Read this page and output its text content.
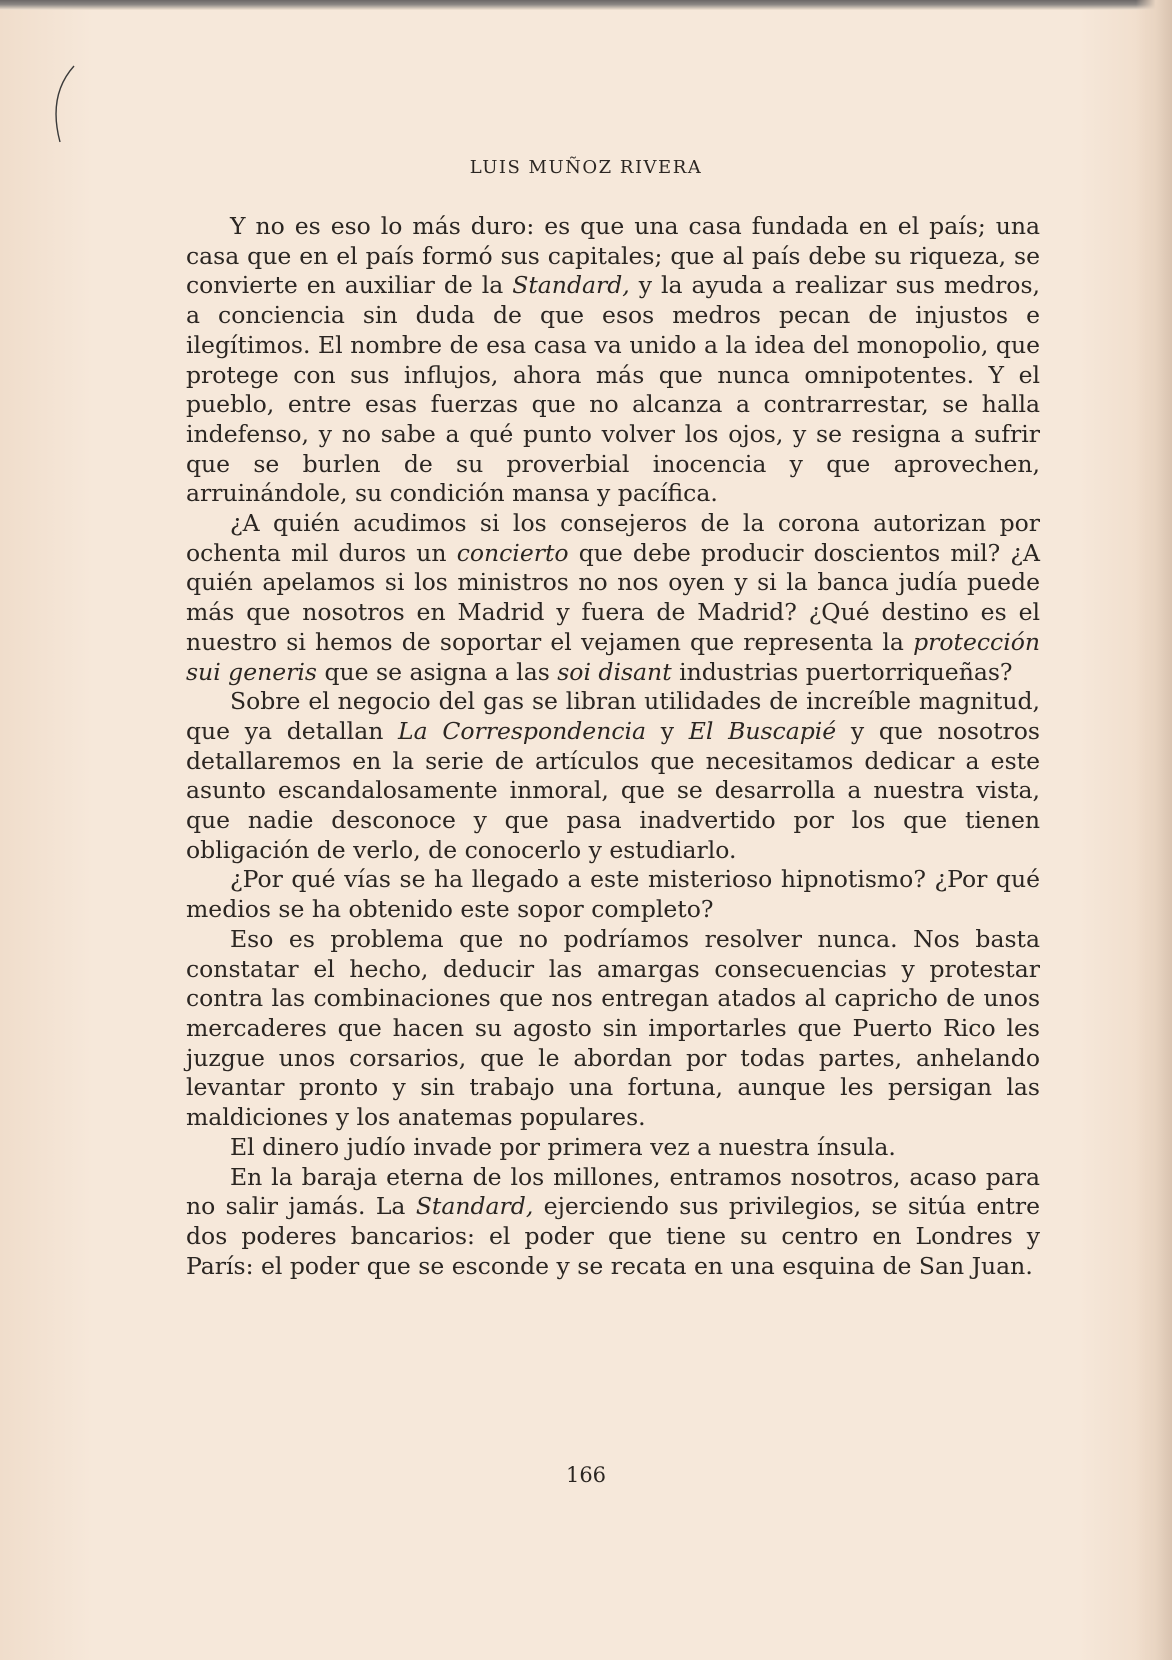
LUIS MUÑOZ RIVERA

Y no es eso lo más duro: es que una casa fundada en el país; una casa que en el país formó sus capitales; que al país debe su riqueza, se convierte en auxiliar de la Standard, y la ayuda a realizar sus medros, a conciencia sin duda de que esos medros pecan de injustos e ilegítimos. El nombre de esa casa va unido a la idea del monopolio, que protege con sus influjos, ahora más que nunca omnipotentes. Y el pueblo, entre esas fuerzas que no alcanza a contrarrestar, se halla indefenso, y no sabe a qué punto volver los ojos, y se resigna a sufrir que se burlen de su proverbial inocencia y que aprovechen, arruinándole, su condición mansa y pacífica.

¿A quién acudimos si los consejeros de la corona autorizan por ochenta mil duros un concierto que debe producir doscientos mil? ¿A quién apelamos si los ministros no nos oyen y si la banca judía puede más que nosotros en Madrid y fuera de Madrid? ¿Qué destino es el nuestro si hemos de soportar el vejamen que representa la protección sui generis que se asigna a las soi disant industrias puertorriqueñas?

Sobre el negocio del gas se libran utilidades de increíble magnitud, que ya detallan La Correspondencia y El Buscapié y que nosotros detallaremos en la serie de artículos que necesitamos dedicar a este asunto escandalosamente inmoral, que se desarrolla a nuestra vista, que nadie desconoce y que pasa inadvertido por los que tienen obligación de verlo, de conocerlo y estudiarlo.

¿Por qué vías se ha llegado a este misterioso hipnotismo? ¿Por qué medios se ha obtenido este sopor completo?

Eso es problema que no podríamos resolver nunca. Nos basta constatar el hecho, deducir las amargas consecuencias y protestar contra las combinaciones que nos entregan atados al capricho de unos mercaderes que hacen su agosto sin importarles que Puerto Rico les juzgue unos corsarios, que le abordan por todas partes, anhelando levantar pronto y sin trabajo una fortuna, aunque les persigan las maldiciones y los anatemas populares.

El dinero judío invade por primera vez a nuestra ínsula.

En la baraja eterna de los millones, entramos nosotros, acaso para no salir jamás. La Standard, ejerciendo sus privilegios, se sitúa entre dos poderes bancarios: el poder que tiene su centro en Londres y París: el poder que se esconde y se recata en una esquina de San Juan.

166
